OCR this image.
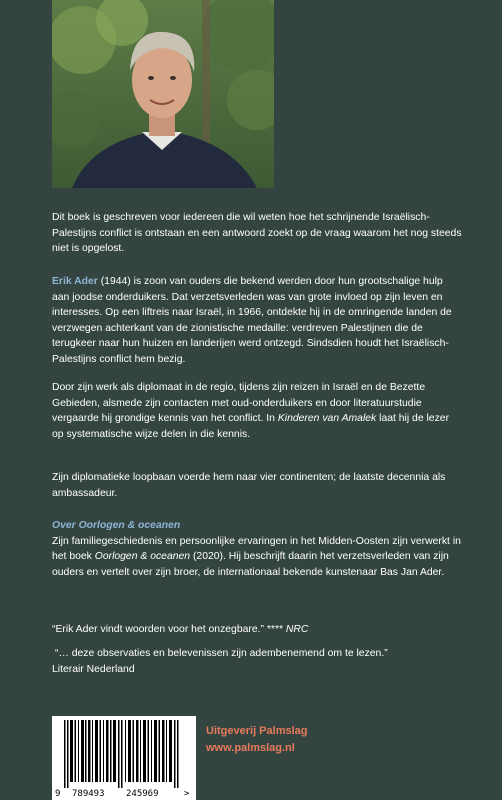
Dit boek is geschreven voor iedereen die wil weten hoe het schrijnende Israëlisch-Palestijns conflict is ontstaan en een antwoord zoekt op de vraag waarom het nog steeds niet is opgelost.

Erik Ader (1944) is zoon van ouders die bekend werden door hun grootschalige hulp aan joodse onderduikers. Dat verzetsverleden was van grote invloed op zijn leven en interesses. Op een liftreis naar Israël, in 1966, ontdekte hij in de omringende landen de verzwegen achterkant van de zionistische medaille: verdreven Palestijnen die de terugkeer naar hun huizen en landerijen werd ontzegd. Sindsdien houdt het Israëlisch-Palestijns conflict hem bezig.

Door zijn werk als diplomaat in de regio, tijdens zijn reizen in Israël en de Bezette Gebieden, alsmede zijn contacten met oud-onderduikers en door literatuurstudie vergaarde hij grondige kennis van het conflict. In Kinderen van Amalek laat hij de lezer op systematische wijze delen in die kennis.

Zijn diplomatieke loopbaan voerde hem naar vier continenten; de laatste decennia als ambassadeur.

Over Oorlogen & oceanen

Zijn familiegeschiedenis en persoonlijke ervaringen in het Midden-Oosten zijn verwerkt in het boek Oorlogen & oceanen (2020). Hij beschrijft daarin het verzetsverleden van zijn ouders en vertelt over zijn broer, de internationaal bekende kunstenaar Bas Jan Ader.

“Erik Ader vindt woorden voor het onzegbare.” **** NRC

“… deze observaties en belevenissen zijn adembenemend om te lezen.”

Literair Nederland

9 789493 245969	>
Uitgeverij Palmslag
www.palmslag.nl
